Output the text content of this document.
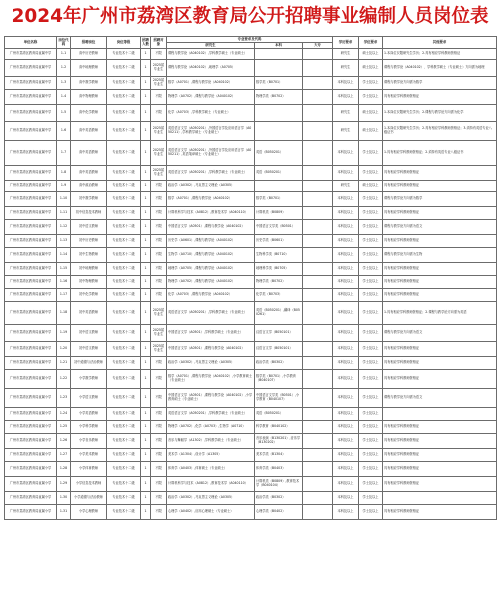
2024年广州市荔湾区教育局公开招聘事业编制人员岗位表
单位名称	岗位代码	招聘岗位	岗位等级	招聘人数	招聘对象	专业要求及代码			学历要求	学位要求	其他要求
						研究生	本科	大专			
广州市荔湾区教育局直属中学	1-1	高中历史教师	专业技术十二级	1	不限	课程与教学论（A040102）,学科教学硕士（专业硕士）			研究生	硕士及以上	1.本岗位仅限研究生学历；2.具有相应学科教师资格证
广州市荔湾区教育局直属中学	1-2	高中地理教师	专业技术十二级	1	2025届毕业生	课程与教学论（A040102）,地理学（A0705）			研究生	硕士及以上	课程与教学论（A040102）、学科教学硕士（专业硕士）方向需为地理
广州市荔湾区教育局直属中学	1-3	高中数学教师	专业技术十二级	1	2025届毕业生	数学（A0701）,课程与教学论（A040102）	数学类（B0701）		本科及以上	学士及以上	课程与教学论方向需为数学
广州市荔湾区教育局直属中学	1-4	高中物理教师	专业技术十二级	1	不限	物理学（A0702）,课程与教学论（A040102）	物理学类（B0702）		本科及以上	学士及以上	具有相应学科教师资格证
广州市荔湾区教育局直属中学	1-5	高中化学教师	专业技术十二级	1	不限	化学（A0703）,学科教学硕士（专业硕士）			研究生	硕士及以上	1.本岗位仅限研究生学历；2.课程与教学论方向需为化学
广州市荔湾区教育局直属中学	1-6	高中英语教师	专业技术十二级	1	2025届毕业生	英语语言文学（A050201）,外国语言学及应用语言学（A050211）,学科教学硕士（专业硕士）			研究生	硕士及以上	1.本岗位仅限研究生学历；2.具有相应学科教师资格证；3.须持有英语专业八级证书
广州市荔湾区教育局直属中学	1-7	高中英语教师	专业技术十二级	1	2025届毕业生	英语语言文学（A050201）,外国语言学及应用语言学（A050211）,英语笔译硕士（专业硕士）	英语（B050201）		本科及以上	学士及以上	1.具有相应学科教师资格证；2.须持有英语专业八级证书
广州市荔湾区教育局直属中学	1-8	高中英语教师	专业技术十二级	1	2025届毕业生	英语语言文学（A050201）,学科教学硕士（专业硕士）	英语（B050201）		本科及以上	学士及以上	具有相应学科教师资格证
广州市荔湾区教育局直属中学	1-9	高中政治教师	专业技术十二级	1	不限	政治学（A0302）,马克思主义理论（A0305）			研究生	硕士及以上	具有相应学科教师资格证
广州市荔湾区教育局直属中学	1-10	初中数学教师	专业技术十二级	1	不限	数学（A0701）,课程与教学论（A040102）	数学类（B0701）		本科及以上	学士及以上	课程与教学论方向需为数学
广州市荔湾区教育局直属中学	1-11	初中信息技术教师	专业技术十二级	1	不限	计算机科学与技术（A0812）,教育技术学（A040110）	计算机类（B0809）		本科及以上	学士及以上	具有相应学科教师资格证
广州市荔湾区教育局直属中学	1-12	初中语文教师	专业技术十二级	1	不限	中国语言文学（A0501）,课程与教学论（A040102）	中国语言文学类（B0501）		本科及以上	学士及以上	课程与教学论方向需为语文
广州市荔湾区教育局直属中学	1-13	初中历史教师	专业技术十二级	1	不限	历史学（A0601）,课程与教学论（A040102）	历史学类（B0601）		本科及以上	学士及以上	具有相应学科教师资格证
广州市荔湾区教育局直属中学	1-14	初中生物教师	专业技术十二级	1	不限	生物学（A0710）,课程与教学论（A040102）	生物科学类（B0710）		本科及以上	学士及以上	课程与教学论方向需为生物
广州市荔湾区教育局直属中学	1-15	初中地理教师	专业技术十二级	1	不限	地理学（A0705）,课程与教学论（A040102）	地理科学类（B0705）		本科及以上	学士及以上	具有相应学科教师资格证
广州市荔湾区教育局直属中学	1-16	初中物理教师	专业技术十二级	1	不限	物理学（A0702）,课程与教学论（A040102）	物理学类（B0702）		本科及以上	学士及以上	具有相应学科教师资格证
广州市荔湾区教育局直属中学	1-17	初中化学教师	专业技术十二级	1	不限	化学（A0703）,课程与教学论（A040102）	化学类（B0703）		本科及以上	学士及以上	具有相应学科教师资格证
广州市荔湾区教育局直属中学	1-18	初中英语教师	专业技术十二级	1	2025届毕业生	英语语言文学（A050201）,学科教学硕士（专业硕士）	英语（B050201）,翻译（B050261）		本科及以上	学士及以上	1.具有相应学科教师资格证；2.课程与教学论方向需为英语
广州市荔湾区教育局直属中学	1-19	初中语文教师	专业技术十二级	1	2025届毕业生	中国语言文学（A0501）,学科教学硕士（专业硕士）	汉语言文学（B050101）		本科及以上	学士及以上	课程与教学论方向需为语文
广州市荔湾区教育局直属中学	1-20	初中语文教师	专业技术十二级	1	2025届毕业生	中国语言文学（A0501）,课程与教学论（A040102）	汉语言文学（B050101）		本科及以上	学士及以上	具有相应学科教师资格证
广州市荔湾区教育局直属中学	1-21	初中道德与法治教师	专业技术十二级	1	不限	政治学（A0302）,马克思主义理论（A0305）	政治学类（B0302）		本科及以上	学士及以上	具有相应学科教师资格证
广州市荔湾区教育局直属小学	1-22	小学数学教师	专业技术十二级	1	不限	数学（A0701）,课程与教学论（A040102）,小学教育硕士（专业硕士）	数学类（B0701）,小学教育（B040107）		本科及以上	学士及以上	具有相应学科教师资格证
广州市荔湾区教育局直属小学	1-23	小学语文教师	专业技术十二级	1	不限	中国语言文学（A0501）,课程与教学论（A040102）,小学教育硕士（专业硕士）	中国语言文学类（B0501）,小学教育（B040107）		本科及以上	学士及以上	课程与教学论方向需为语文
广州市荔湾区教育局直属小学	1-24	小学英语教师	专业技术十二级	1	不限	英语语言文学（A050201）,学科教学硕士（专业硕士）	英语（B050201）		本科及以上	学士及以上	
广州市荔湾区教育局直属小学	1-25	小学科学教师	专业技术十二级	1	不限	物理学（A0702）,化学（A0703）,生物学（A0710）	科学教育（B040102）		本科及以上	学士及以上	具有相应学科教师资格证
广州市荔湾区教育局直属小学	1-26	小学音乐教师	专业技术十二级	1	不限	音乐与舞蹈学（A1302）,学科教学硕士（专业硕士）	音乐表演（B130201）,音乐学（B130202）		本科及以上	学士及以上	具有相应学科教师资格证
广州市荔湾区教育局直属小学	1-27	小学美术教师	专业技术十二级	1	不限	美术学（A1304）,设计学（A1305）	美术学类（B1304）		本科及以上	学士及以上	具有相应学科教师资格证
广州市荔湾区教育局直属小学	1-28	小学体育教师	专业技术十二级	1	不限	体育学（A0403）,体育硕士（专业硕士）	体育学类（B0403）		本科及以上	学士及以上	具有相应学科教师资格证
广州市荔湾区教育局直属小学	1-29	小学信息技术教师	专业技术十二级	1	不限	计算机科学与技术（A0812）,教育技术学（A040110）	计算机类（B0809）,教育技术学（B040104）		本科及以上	学士及以上	具有相应学科教师资格证
广州市荔湾区教育局直属小学	1-30	小学道德与法治教师	专业技术十二级	1	不限	政治学（A0302）,马克思主义理论（A0305）	政治学类（B0302）		本科及以上	学士及以上	
广州市荔湾区教育局直属小学	1-31	小学心理教师	专业技术十二级	1	不限	心理学（A0402）,应用心理硕士（专业硕士）	心理学类（B0402）		本科及以上	学士及以上	具有相应学科教师资格证
